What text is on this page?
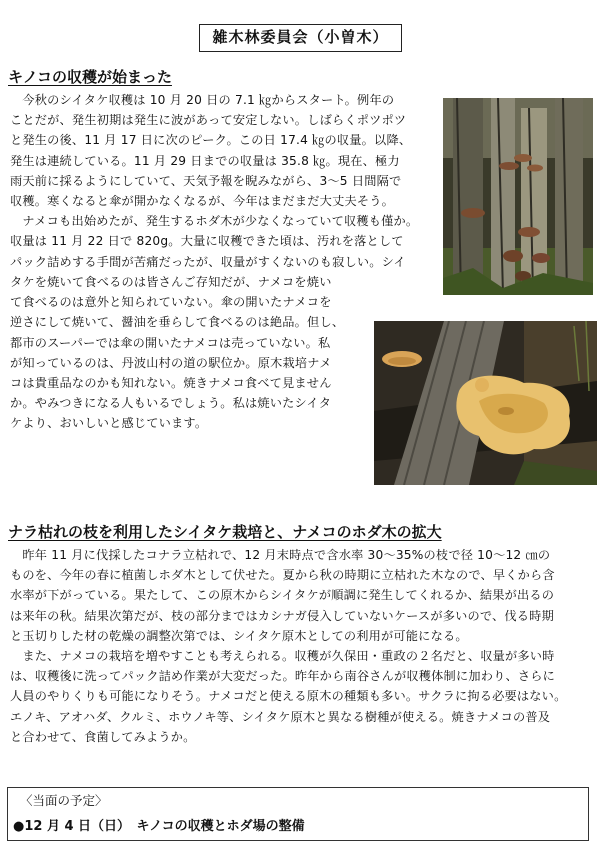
雑木林委員会（小曽木）
キノコの収穫が始まった
　今秋のシイタケ収穫は 10 月 20 日の 7.1 ㎏からスタート。例年の
ことだが、発生初期は発生に波があって安定しない。しばらくポツポツ
と発生の後、11 月 17 日に次のピーク。この日 17.4 ㎏の収量。以降、
発生は連続している。11 月 29 日までの収量は 35.8 ㎏。現在、極力
雨天前に採るようにしていて、天気予報を睨みながら、3～5 日間隔で
収穫。寒くなると傘が開かなくなるが、今年はまだまだ大丈夫そう。
　ナメコも出始めたが、発生するホダ木が少なくなっていて収穫も僅か。
収量は 11 月 22 日で 820g。大量に収穫できた頃は、汚れを落として
パック詰めする手間が苦痛だったが、収量がすくないのも寂しい。シイ
タケを焼いて食べるのは皆さんご存知だが、ナメコを焼い
て食べるのは意外と知られていない。傘の開いたナメコを
逆さにして焼いて、醤油を垂らして食べるのは絶品。但し、
都市のスーパーでは傘の開いたナメコは売っていない。私
が知っているのは、丹波山村の道の駅位か。原木栽培ナメ
コは貴重品なのかも知れない。焼きナメコ食べて見ません
か。やみつきになる人もいるでしょう。私は焼いたシイタ
ケより、おいしいと感じています。
ナラ枯れの枝を利用したシイタケ栽培と、ナメコのホダ木の拡大
　昨年 11 月に伐採したコナラ立枯れで、12 月末時点で含水率 30～35%の枝で径 10～12 ㎝の
ものを、今年の春に植菌しホダ木として伏せた。夏から秋の時期に立枯れた木なので、早くから含
水率が下がっている。果たして、この原木からシイタケが順調に発生してくれるか、結果が出るの
は来年の秋。結果次第だが、枝の部分まではカシナガ侵入していないケースが多いので、伐る時期
と玉切りした材の乾燥の調整次第では、シイタケ原木としての利用が可能になる。
　また、ナメコの栽培を増やすことも考えられる。収穫が久保田・重政の２名だと、収量が多い時
は、収穫後に洗ってパック詰め作業が大変だった。昨年から南谷さんが収穫体制に加わり、さらに
人員のやりくりも可能になりそう。ナメコだと使える原木の種類も多い。サクラに拘る必要はない。
エノキ、アオハダ、クルミ、ホウノキ等、シイタケ原木と異なる樹種が使える。焼きナメコの普及
と合わせて、食菌してみようか。
〈当面の予定〉
●12 月 4 日（日）　キノコの収穫とホダ場の整備
